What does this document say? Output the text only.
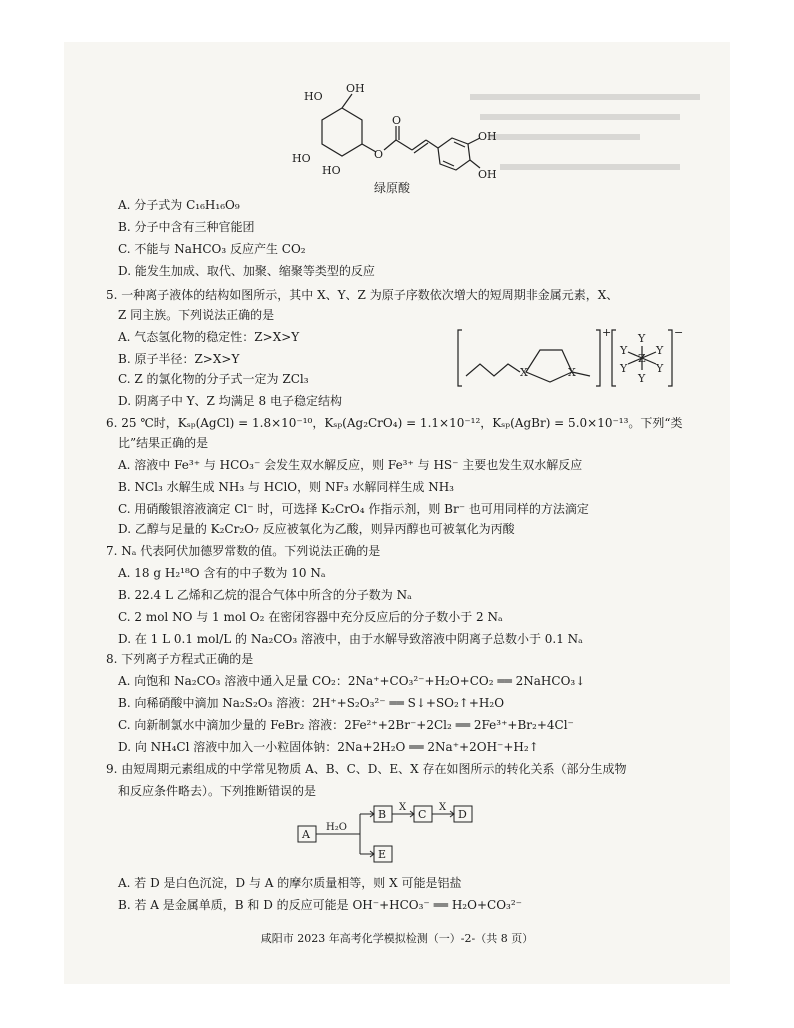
HO
OH
HO
HO
O
O
OH
OH
绿原酸
A. 分子式为 C₁₆H₁₆O₉
B. 分子中含有三种官能团
C. 不能与 NaHCO₃ 反应产生 CO₂
D. 能发生加成、取代、加聚、缩聚等类型的反应
5. 一种离子液体的结构如图所示，其中 X、Y、Z 为原子序数依次增大的短周期非金属元素，X、
Z 同主族。下列说法正确的是
A. 气态氢化物的稳定性：Z>X>Y
B. 原子半径：Z>X>Y
C. Z 的氯化物的分子式一定为 ZCl₃
D. 阴离子中 Y、Z 均满足 8 电子稳定结构
X	X
+	−
Y
Y	Y
Y	Y
Y
Z
6. 25 ℃时，Kₛₚ(AgCl) = 1.8×10⁻¹⁰，Kₛₚ(Ag₂CrO₄) = 1.1×10⁻¹²，Kₛₚ(AgBr) = 5.0×10⁻¹³。下列“类
比”结果正确的是
A. 溶液中 Fe³⁺ 与 HCO₃⁻ 会发生双水解反应，则 Fe³⁺ 与 HS⁻ 主要也发生双水解反应
B. NCl₃ 水解生成 NH₃ 与 HClO，则 NF₃ 水解同样生成 NH₃
C. 用硝酸银溶液滴定 Cl⁻ 时，可选择 K₂CrO₄ 作指示剂，则 Br⁻ 也可用同样的方法滴定
D. 乙醇与足量的 K₂Cr₂O₇ 反应被氧化为乙酸，则异丙醇也可被氧化为丙酸
7. Nₐ 代表阿伏加德罗常数的值。下列说法正确的是
A. 18 g H₂¹⁸O 含有的中子数为 10 Nₐ
B. 22.4 L 乙烯和乙烷的混合气体中所含的分子数为 Nₐ
C. 2 mol NO 与 1 mol O₂ 在密闭容器中充分反应后的分子数小于 2 Nₐ
D. 在 1 L 0.1 mol/L 的 Na₂CO₃ 溶液中，由于水解导致溶液中阴离子总数小于 0.1 Nₐ
8. 下列离子方程式正确的是
A. 向饱和 Na₂CO₃ 溶液中通入足量 CO₂：2Na⁺+CO₃²⁻+H₂O+CO₂ ══ 2NaHCO₃↓
B. 向稀硝酸中滴加 Na₂S₂O₃ 溶液：2H⁺+S₂O₃²⁻ ══ S↓+SO₂↑+H₂O
C. 向新制氯水中滴加少量的 FeBr₂ 溶液：2Fe²⁺+2Br⁻+2Cl₂ ══ 2Fe³⁺+Br₂+4Cl⁻
D. 向 NH₄Cl 溶液中加入一小粒固体钠：2Na+2H₂O ══ 2Na⁺+2OH⁻+H₂↑
9. 由短周期元素组成的中学常见物质 A、B、C、D、E、X 存在如图所示的转化关系（部分生成物
和反应条件略去）。下列推断错误的是
A
B	C	D
E
H₂O
X	X
A. 若 D 是白色沉淀，D 与 A 的摩尔质量相等，则 X 可能是铝盐
B. 若 A 是金属单质，B 和 D 的反应可能是 OH⁻+HCO₃⁻ ══ H₂O+CO₃²⁻
咸阳市 2023 年高考化学模拟检测（一）-2-（共 8 页）
